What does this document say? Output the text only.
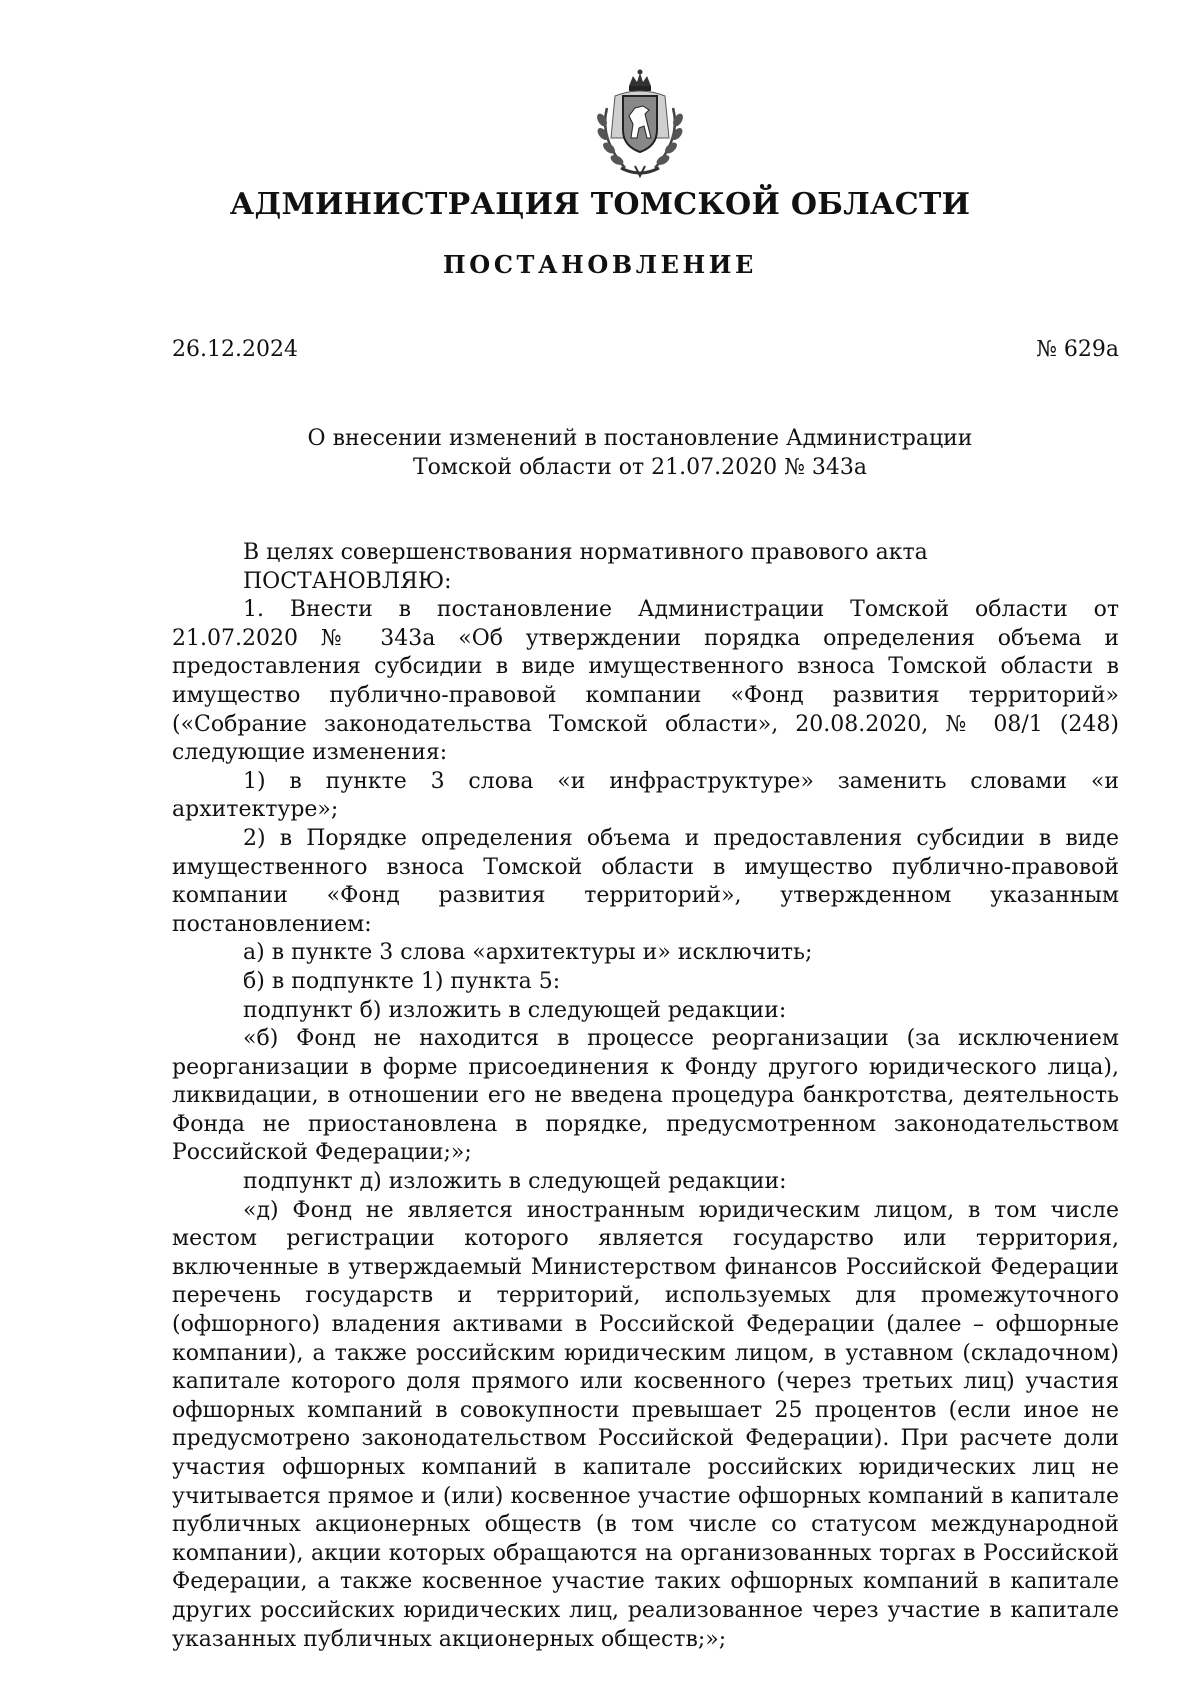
АДМИНИСТРАЦИЯ ТОМСКОЙ ОБЛАСТИ
ПОСТАНОВЛЕНИЕ
26.12.2024	№ 629а
О внесении изменений в постановление Администрации
Томской области от 21.07.2020 № 343а

В целях совершенствования нормативного правового акта

ПОСТАНОВЛЯЮ:

1. Внести в постановление Администрации Томской области от 21.07.2020 № 343а «Об утверждении порядка определения объема и предоставления субсидии в виде имущественного взноса Томской области в имущество публично-правовой компании «Фонд развития территорий» («Собрание законодательства Томской области», 20.08.2020, № 08/1 (248) следующие изменения:

1) в пункте 3 слова «и инфраструктуре» заменить словами «и архитектуре»;

2) в Порядке определения объема и предоставления субсидии в виде имущественного взноса Томской области в имущество публично-правовой компании «Фонд развития территорий», утвержденном указанным постановлением:

а) в пункте 3 слова «архитектуры и» исключить;

б) в подпункте 1) пункта 5:

подпункт б) изложить в следующей редакции:

«б) Фонд не находится в процессе реорганизации (за исключением реорганизации в форме присоединения к Фонду другого юридического лица), ликвидации, в отношении его не введена процедура банкротства, деятельность Фонда не приостановлена в порядке, предусмотренном законодательством Российской Федерации;»;

подпункт д) изложить в следующей редакции:

«д) Фонд не является иностранным юридическим лицом, в том числе местом регистрации которого является государство или территория, включенные в утверждаемый Министерством финансов Российской Федерации перечень государств и территорий, используемых для промежуточного (офшорного) владения активами в Российской Федерации (далее – офшорные компании), а также российским юридическим лицом, в уставном (складочном) капитале которого доля прямого или косвенного (через третьих лиц) участия офшорных компаний в совокупности превышает 25 процентов (если иное не предусмотрено законодательством Российской Федерации). При расчете доли участия офшорных компаний в капитале российских юридических лиц не учитывается прямое и (или) косвенное участие офшорных компаний в капитале публичных акционерных обществ (в том числе со статусом международной компании), акции которых обращаются на организованных торгах в Российской Федерации, а также косвенное участие таких офшорных компаний в капитале других российских юридических лиц, реализованное через участие в капитале указанных публичных акционерных обществ;»;
